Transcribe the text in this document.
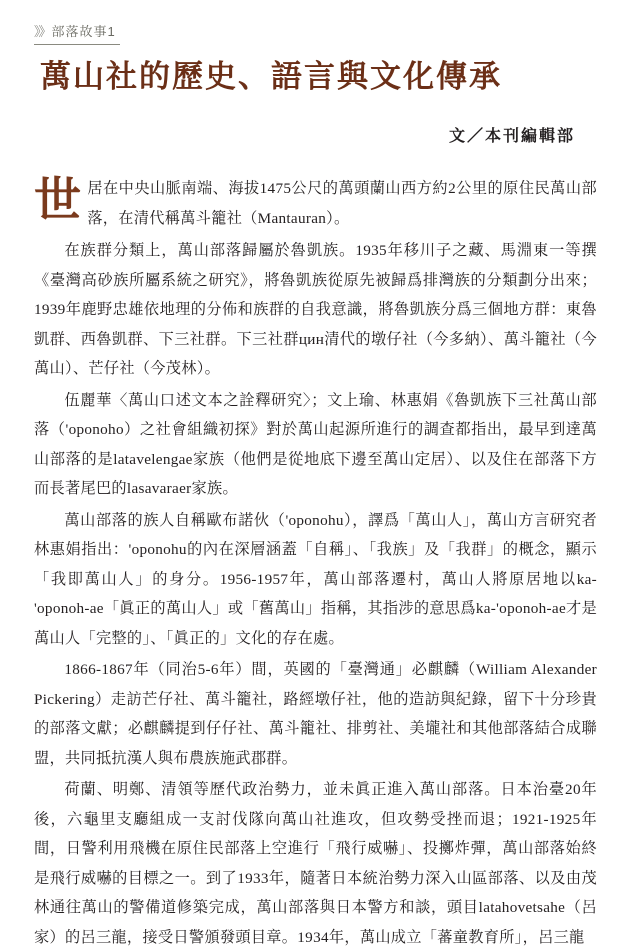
》》 部落故事1
萬山社的歷史、語言與文化傳承
文／本刊編輯部

世居在中央山脈南端、海拔1475公尺的萬頭蘭山西方約2公里的原住民萬山部落，在清代稱萬斗籠社（Mantauran）。

在族群分類上，萬山部落歸屬於魯凱族。1935年移川子之藏、馬淵東一等撰《臺灣高砂族所屬系統之研究》，將魯凱族從原先被歸爲排灣族的分類劃分出來；1939年鹿野忠雄依地理的分佈和族群的自我意識，將魯凱族分爲三個地方群：東魯凱群、西魯凱群、下三社群。下三社群цин清代的墩仔社（今多納）、萬斗籠社（今萬山）、芒仔社（今茂林）。

伍麗華〈萬山口述文本之詮釋研究〉；文上瑜、林惠娟《魯凱族下三社萬山部落（'oponoho）之社會組織初探》對於萬山起源所進行的調查都指出，最早到達萬山部落的是latavelengae家族（他們是從地底下邊至萬山定居）、以及住在部落下方而長著尾巴的lasavaraer家族。

萬山部落的族人自稱歐布諾伙（'oponohu），譯爲「萬山人」，萬山方言研究者林惠娟指出：'oponohu的內在深層涵蓋「自稱」、「我族」及「我群」的概念，顯示「我即萬山人」的身分。1956-1957年，萬山部落遷村，萬山人將原居地以ka-'oponoh-ae「眞正的萬山人」或「舊萬山」指稱，其指涉的意思爲ka-'oponoh-ae才是萬山人「完整的」、「眞正的」文化的存在處。

1866-1867年（同治5-6年）間，英國的「臺灣通」必麒麟（William Alexander Pickering）走訪芒仔社、萬斗籠社，路經墩仔社，他的造訪與紀錄，留下十分珍貴的部落文獻；必麒麟提到仔仔社、萬斗籠社、排剪社、美壠社和其他部落結合成聯盟，共同抵抗漢人與布農族施武郡群。

荷蘭、明鄭、清領等歷代政治勢力，並未眞正進入萬山部落。日本治臺20年後，六龜里支廳組成一支討伐隊向萬山社進攻，但攻勢受挫而退；1921-1925年間，日警利用飛機在原住民部落上空進行「飛行威嚇」、投擲炸彈，萬山部落始終是飛行威嚇的目標之一。到了1933年，隨著日本統治勢力深入山區部落、以及由茂林通往萬山的警備道修築完成，萬山部落與日本警方和談，頭目latahovetsahe（呂家）的呂三龍，接受日警頒發頭目章。1934年，萬山成立「蕃童教育所」，呂三龍
